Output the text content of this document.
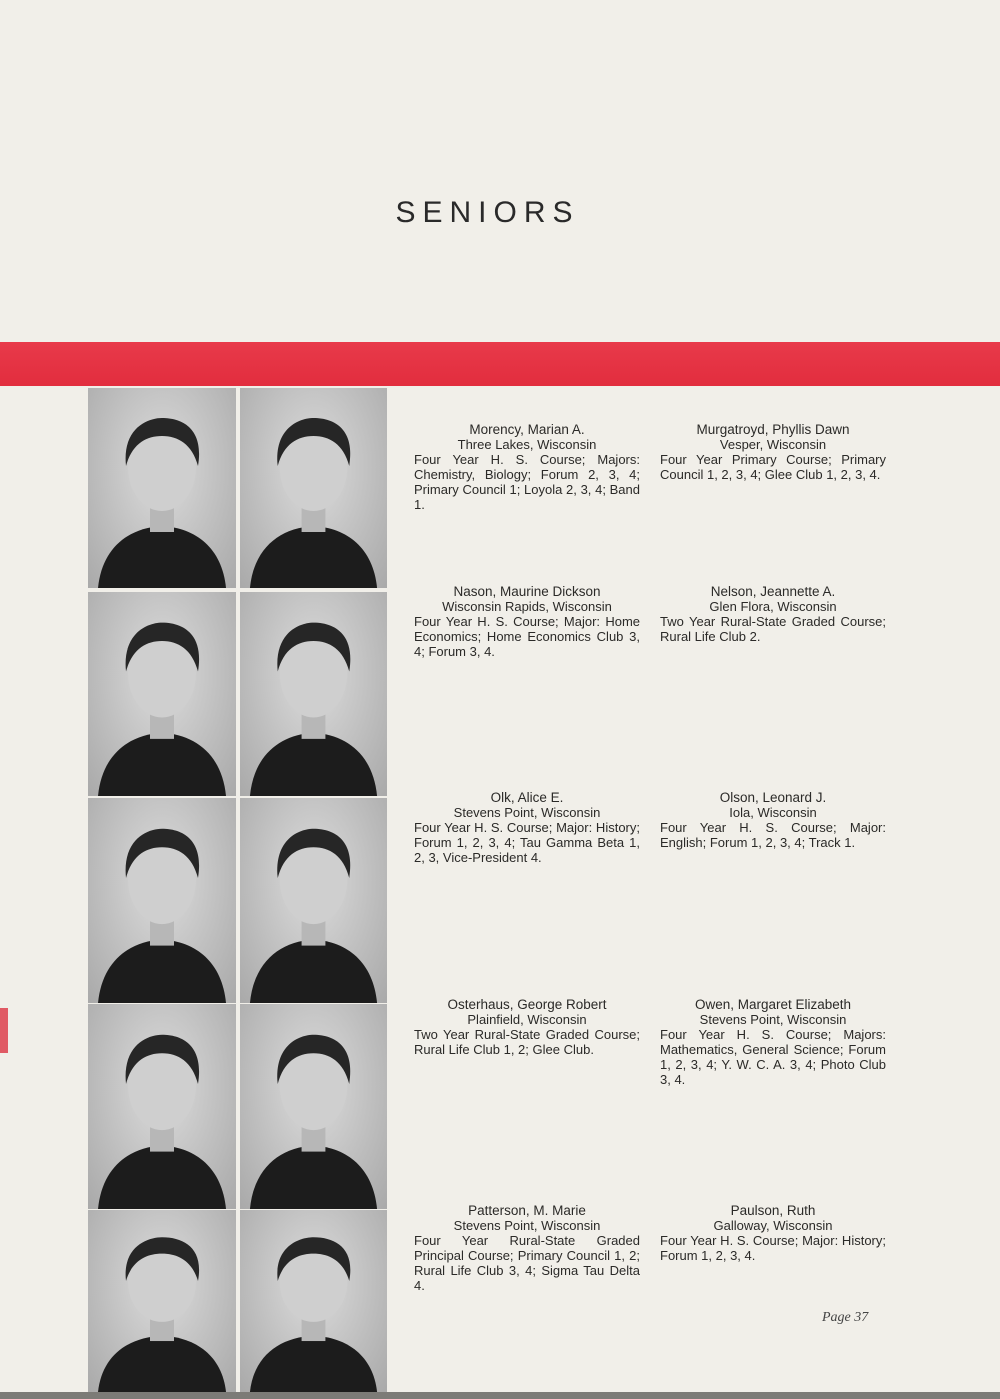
SENIORS
Morency, Marian A.
Three Lakes, Wisconsin
Four Year H. S. Course; Majors: Chemistry, Biology; Forum 2, 3, 4; Primary Council 1; Loyola 2, 3, 4; Band 1.
Murgatroyd, Phyllis Dawn
Vesper, Wisconsin
Four Year Primary Course; Primary Council 1, 2, 3, 4; Glee Club 1, 2, 3, 4.
Nason, Maurine Dickson
Wisconsin Rapids, Wisconsin
Four Year H. S. Course; Major: Home Economics; Home Economics Club 3, 4; Forum 3, 4.
Nelson, Jeannette A.
Glen Flora, Wisconsin
Two Year Rural-State Graded Course; Rural Life Club 2.
Olk, Alice E.
Stevens Point, Wisconsin
Four Year H. S. Course; Major: History; Forum 1, 2, 3, 4; Tau Gamma Beta 1, 2, 3, Vice-President 4.
Olson, Leonard J.
Iola, Wisconsin
Four Year H. S. Course; Major: English; Forum 1, 2, 3, 4; Track 1.
Osterhaus, George Robert
Plainfield, Wisconsin
Two Year Rural-State Graded Course; Rural Life Club 1, 2; Glee Club.
Owen, Margaret Elizabeth
Stevens Point, Wisconsin
Four Year H. S. Course; Majors: Mathematics, General Science; Forum 1, 2, 3, 4; Y. W. C. A. 3, 4; Photo Club 3, 4.
Patterson, M. Marie
Stevens Point, Wisconsin
Four Year Rural-State Graded Principal Course; Primary Council 1, 2; Rural Life Club 3, 4; Sigma Tau Delta 4.
Paulson, Ruth
Galloway, Wisconsin
Four Year H. S. Course; Major: History; Forum 1, 2, 3, 4.
Page 37
